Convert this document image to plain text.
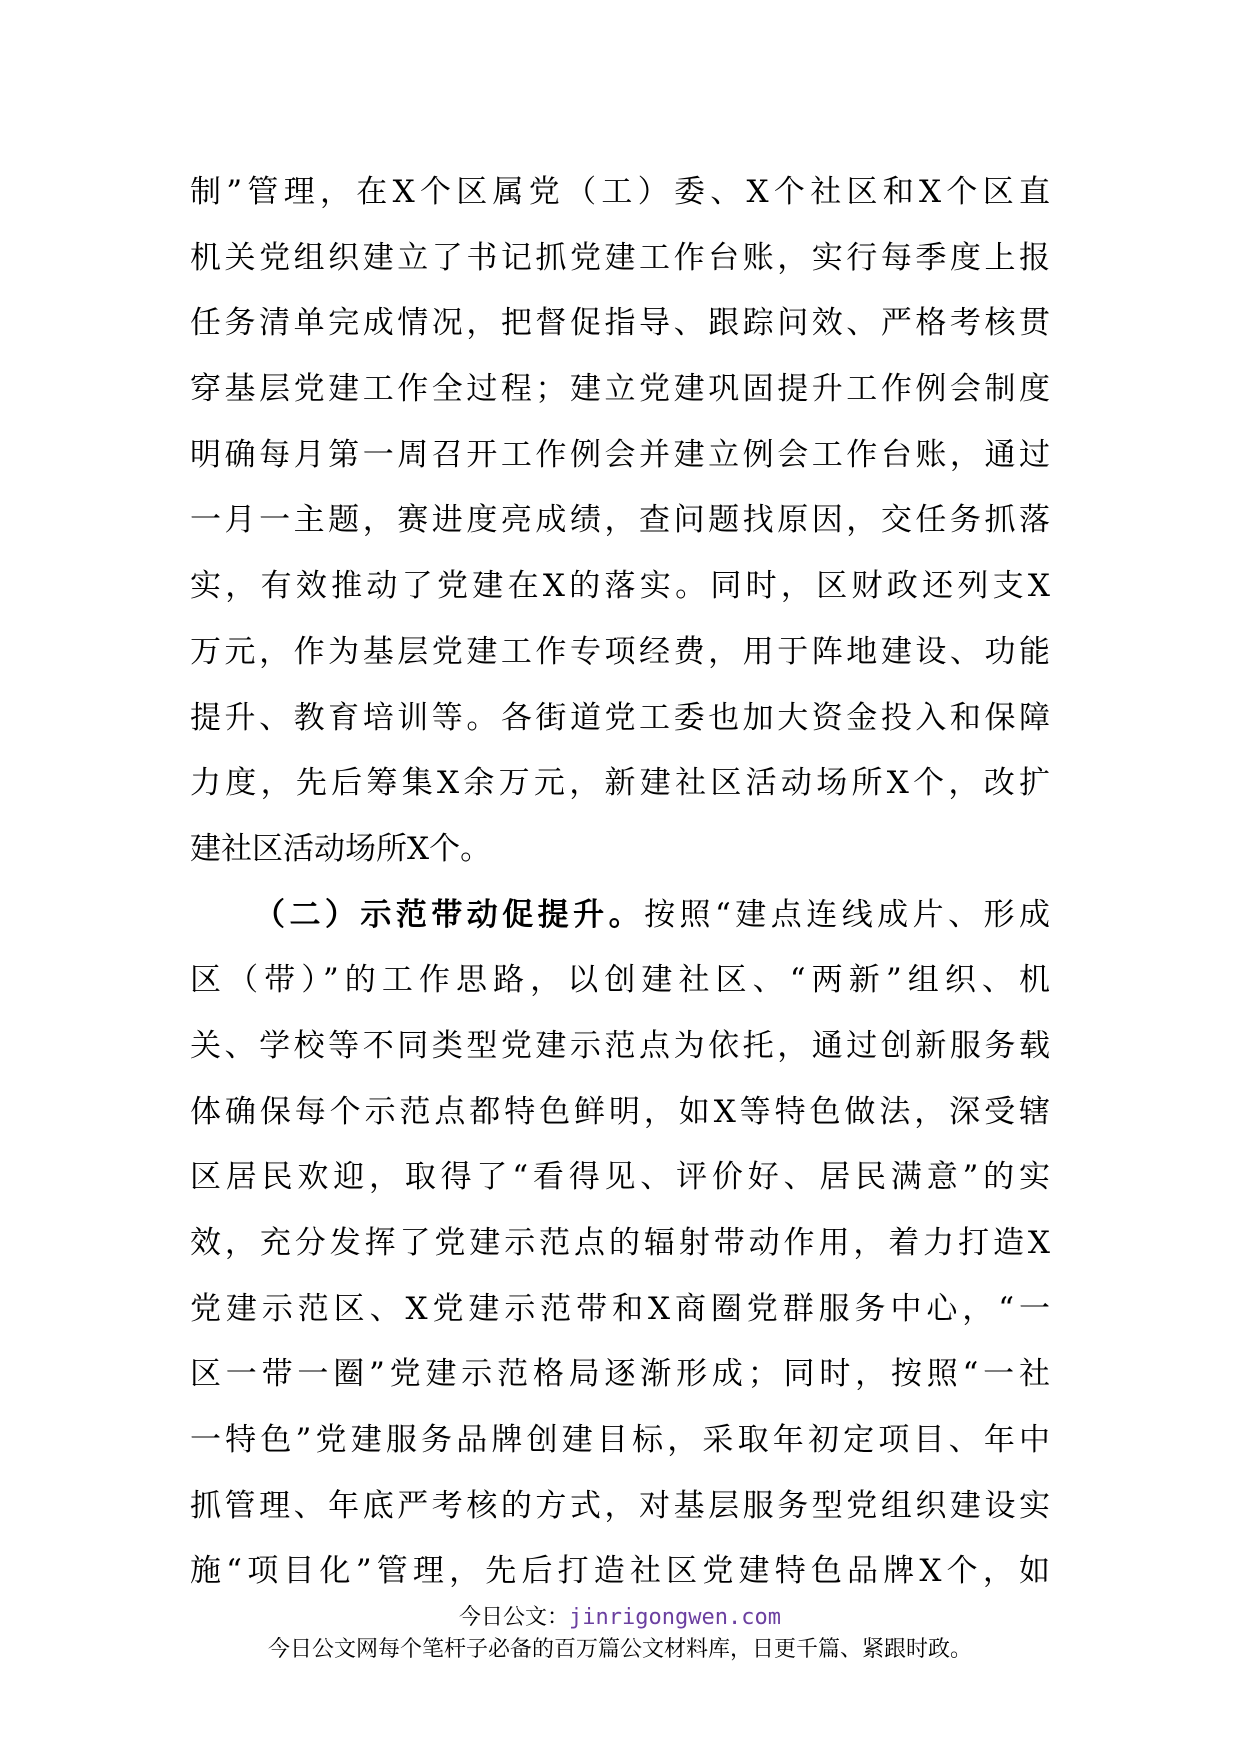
制”管理，在X个区属党（工）委、X个社区和X个区直
机关党组织建立了书记抓党建工作台账，实行每季度上报
任务清单完成情况，把督促指导、跟踪问效、严格考核贯
穿基层党建工作全过程；建立党建巩固提升工作例会制度
明确每月第一周召开工作例会并建立例会工作台账，通过
一月一主题，赛进度亮成绩，查问题找原因，交任务抓落
实，有效推动了党建在X的落实。同时，区财政还列支X
万元，作为基层党建工作专项经费，用于阵地建设、功能
提升、教育培训等。各街道党工委也加大资金投入和保障
力度，先后筹集X余万元，新建社区活动场所X个，改扩
建社区活动场所X个。
（二）示范带动促提升。按照“建点连线成片、形成
区（带）”的工作思路，以创建社区、“两新”组织、机
关、学校等不同类型党建示范点为依托，通过创新服务载
体确保每个示范点都特色鲜明，如X等特色做法，深受辖
区居民欢迎，取得了“看得见、评价好、居民满意”的实
效，充分发挥了党建示范点的辐射带动作用，着力打造X
党建示范区、X党建示范带和X商圈党群服务中心，“一
区一带一圈”党建示范格局逐渐形成；同时，按照“一社
一特色”党建服务品牌创建目标，采取年初定项目、年中
抓管理、年底严考核的方式，对基层服务型党组织建设实
施“项目化”管理，先后打造社区党建特色品牌X个，如
今日公文：jinrigongwen.com
今日公文网每个笔杆子必备的百万篇公文材料库，日更千篇、紧跟时政。
